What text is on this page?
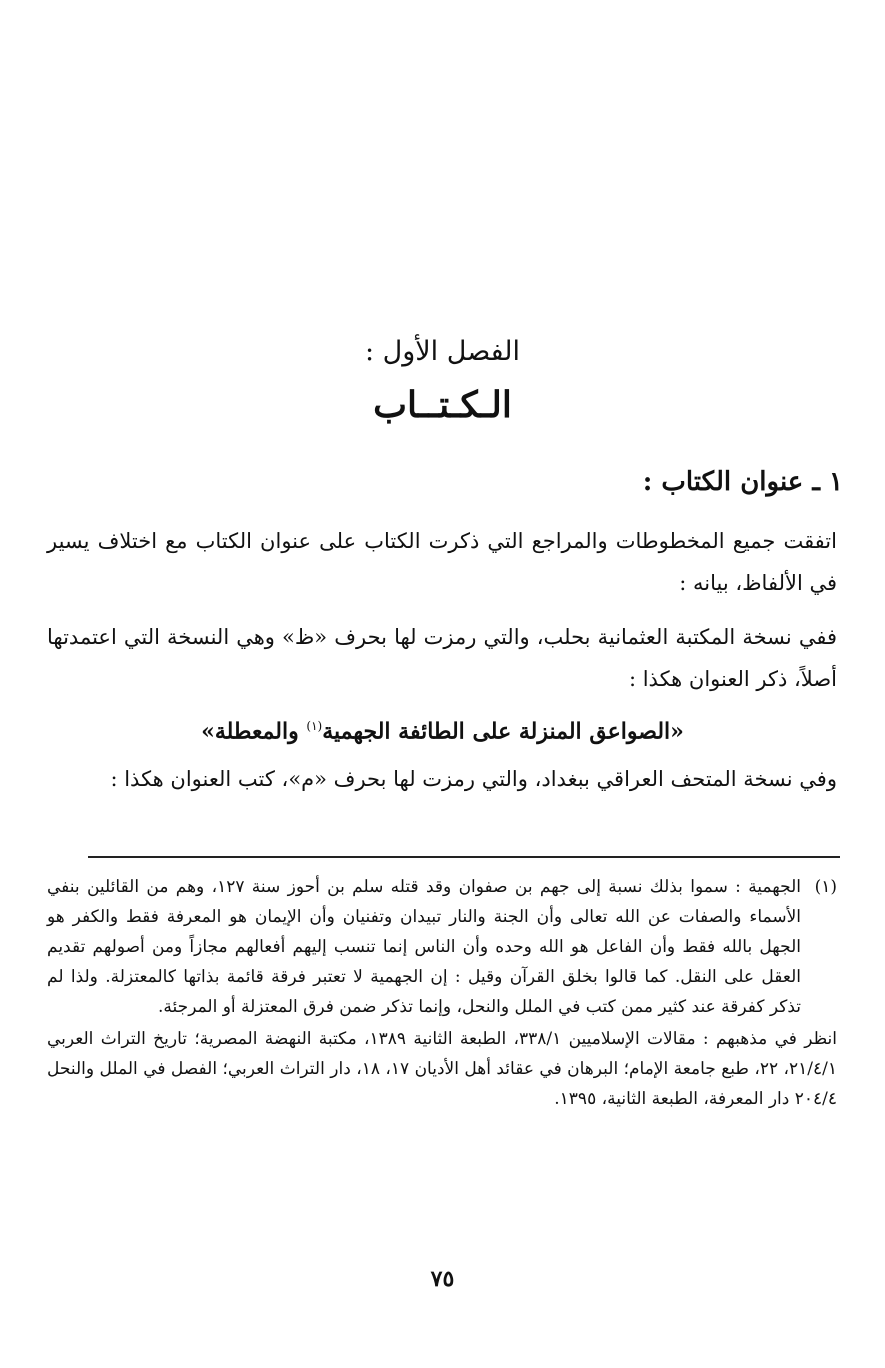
الفصل الأول :
الـكـتــاب
١ ـ عنوان الكتاب :
اتفقت جميع المخطوطات والمراجع التي ذكرت الكتاب على عنوان الكتاب مع اختلاف يسير في الألفاظ، بيانه :
ففي نسخة المكتبة العثمانية بحلب، والتي رمزت لها بحرف «ظ» وهي النسخة التي اعتمدتها أصلاً، ذكر العنوان هكذا :
«الصواعق المنزلة على الطائفة الجهمية$^{(١)}$ والمعطلة»
وفي نسخة المتحف العراقي ببغداد، والتي رمزت لها بحرف «م»، كتب العنوان هكذا :
(١)
الجهمية : سموا بذلك نسبة إلى جهم بن صفوان وقد قتله سلم بن أحوز سنة ١٢٧، وهم من القائلين بنفي الأسماء والصفات عن الله تعالى وأن الجنة والنار تبيدان وتفنيان وأن الإيمان هو المعرفة فقط والكفر هو الجهل بالله فقط وأن الفاعل هو الله وحده وأن الناس إنما تنسب إليهم أفعالهم مجازاً ومن أصولهم تقديم العقل على النقل. كما قالوا بخلق القرآن وقيل : إن الجهمية لا تعتبر فرقة قائمة بذاتها كالمعتزلة. ولذا لم تذكر كفرقة عند كثير ممن كتب في الملل والنحل، وإنما تذكر ضمن فرق المعتزلة أو المرجئة.
انظر في مذهبهم : مقالات الإسلاميين ٣٣٨/١، الطبعة الثانية ١٣٨٩، مكتبة النهضة المصرية؛ تاريخ التراث العربي ٢١/٤/١، ٢٢، طبع جامعة الإمام؛ البرهان في عقائد أهل الأديان ١٧، ١٨، دار التراث العربي؛ الفصل في الملل والنحل ٢٠٤/٤ دار المعرفة، الطبعة الثانية، ١٣٩٥.
٧٥
